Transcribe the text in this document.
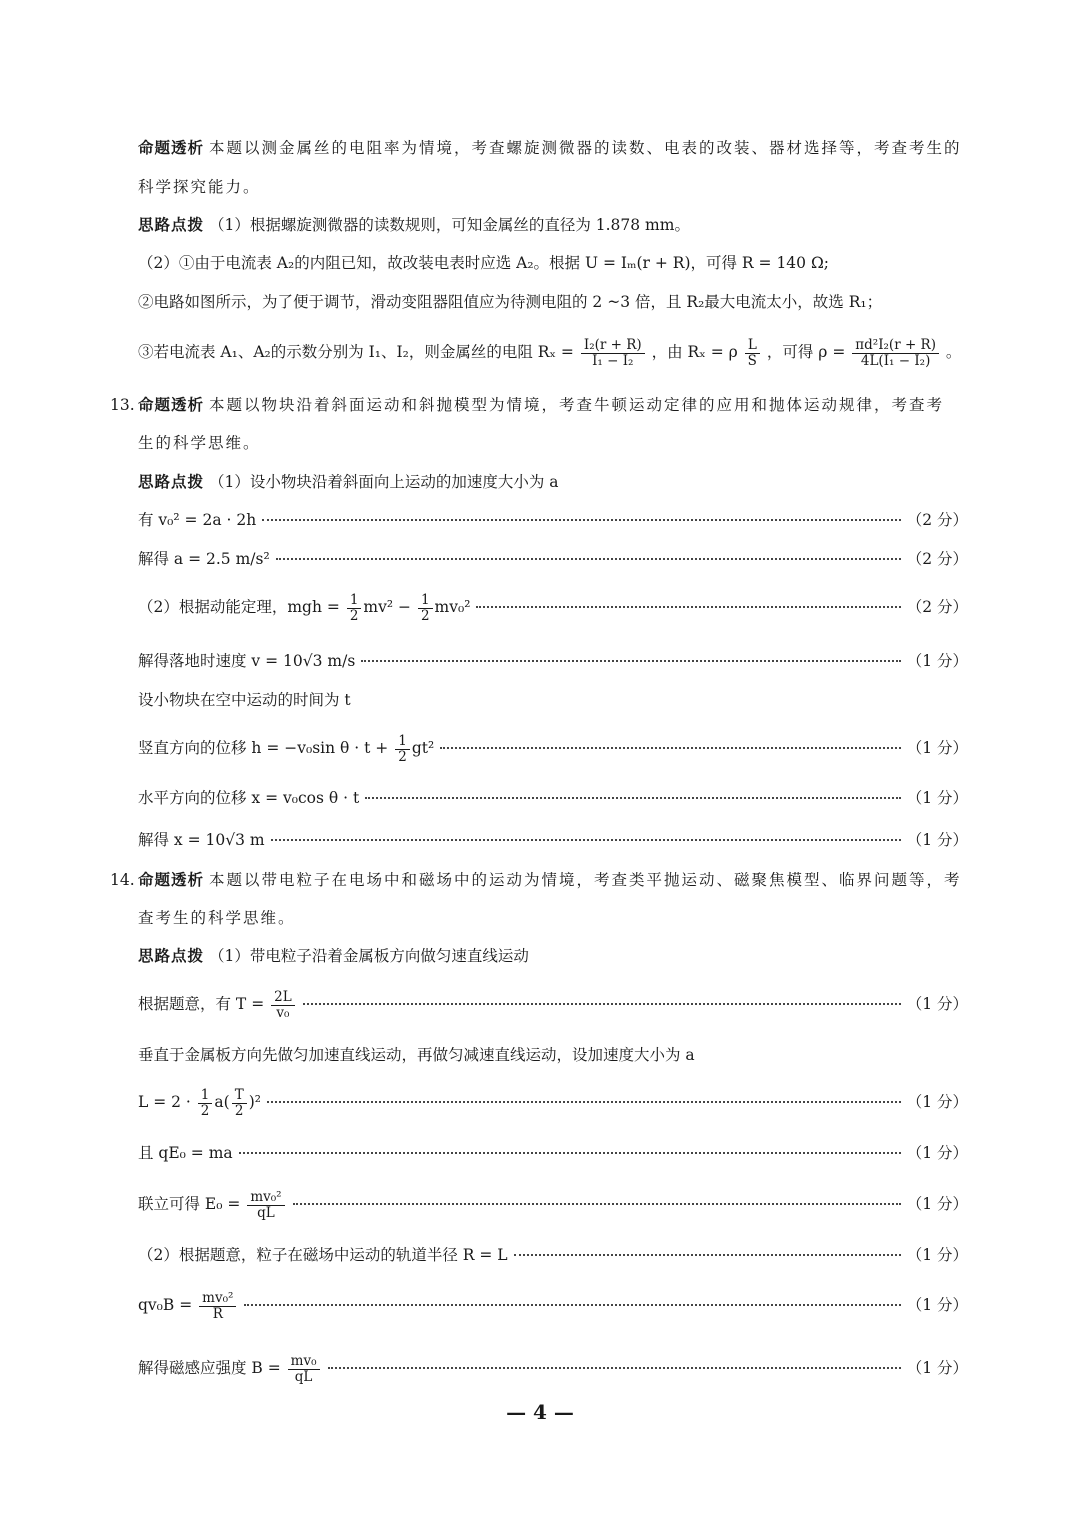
命题透析 本题以测金属丝的电阻率为情境，考查螺旋测微器的读数、电表的改装、器材选择等，考查考生的
科学探究能力。
思路点拨 （1）根据螺旋测微器的读数规则，可知金属丝的直径为 1.878 mm。
（2）①由于电流表 A₂的内阻已知，故改装电表时应选 A₂。根据 U = Iₘ(r + R)，可得 R = 140 Ω;
②电路如图所示，为了便于调节，滑动变阻器阻值应为待测电阻的 2 ~3 倍，且 R₂最大电流太小，故选 R₁；
③若电流表 A₁、A₂的示数分别为 I₁、I₂，则金属丝的电阻 $R_x = \frac{\text{I₂(r + R)}}{\text{I₁ − I₂}}$ ，由 Rₓ = ρ $\frac{L}{S}$ ，可得 $\rho = \frac{\text{πd²I₂(r + R)}}{\text{4L(I₁ − I₂)}}$ 。
13. 命题透析 本题以物块沿着斜面运动和斜抛模型为情境，考查牛顿运动定律的应用和抛体运动规律，考查考
生的科学思维。
思路点拨 （1）设小物块沿着斜面向上运动的加速度大小为 a
有 v₀² = 2a · 2h	（2 分）
解得 a = 2.5 m/s²	（2 分）
（2）根据动能定理，mgh = $\frac{1}{2} mv^2 - \frac{1}{2} mv_0^2$	（2 分）
解得落地时速度 v = 10√3 m/s	（1 分）
设小物块在空中运动的时间为 t
竖直方向的位移 h = −v₀sin $\theta \cdot t + \frac{1}{2} gt^2$	（1 分）
水平方向的位移 x = v₀cos θ · t	（1 分）
解得 x = 10√3 m	（1 分）
14. 命题透析 本题以带电粒子在电场中和磁场中的运动为情境，考查类平抛运动、磁聚焦模型、临界问题等，考
查考生的科学思维。
思路点拨 （1）带电粒子沿着金属板方向做匀速直线运动
根据题意，有 $T = \frac{2L}{\text{v₀}}$	（1 分）
垂直于金属板方向先做匀加速直线运动，再做匀减速直线运动，设加速度大小为 a
$L = 2 \cdot \frac{1}{2} a( \frac{T}{2} )^2$	（1 分）
且 qE₀ = ma	（1 分）
联立可得 $E_0 = \frac{\text{mv₀²}}{qL}$	（1 分）
（2）根据题意，粒子在磁场中运动的轨道半径 R = L	（1 分）
$qv_0B = \frac{\text{mv₀²}}{R}$	（1 分）
解得磁感应强度 $B = \frac{\text{mv₀}}{qL}$	（1 分）
— 4 —
